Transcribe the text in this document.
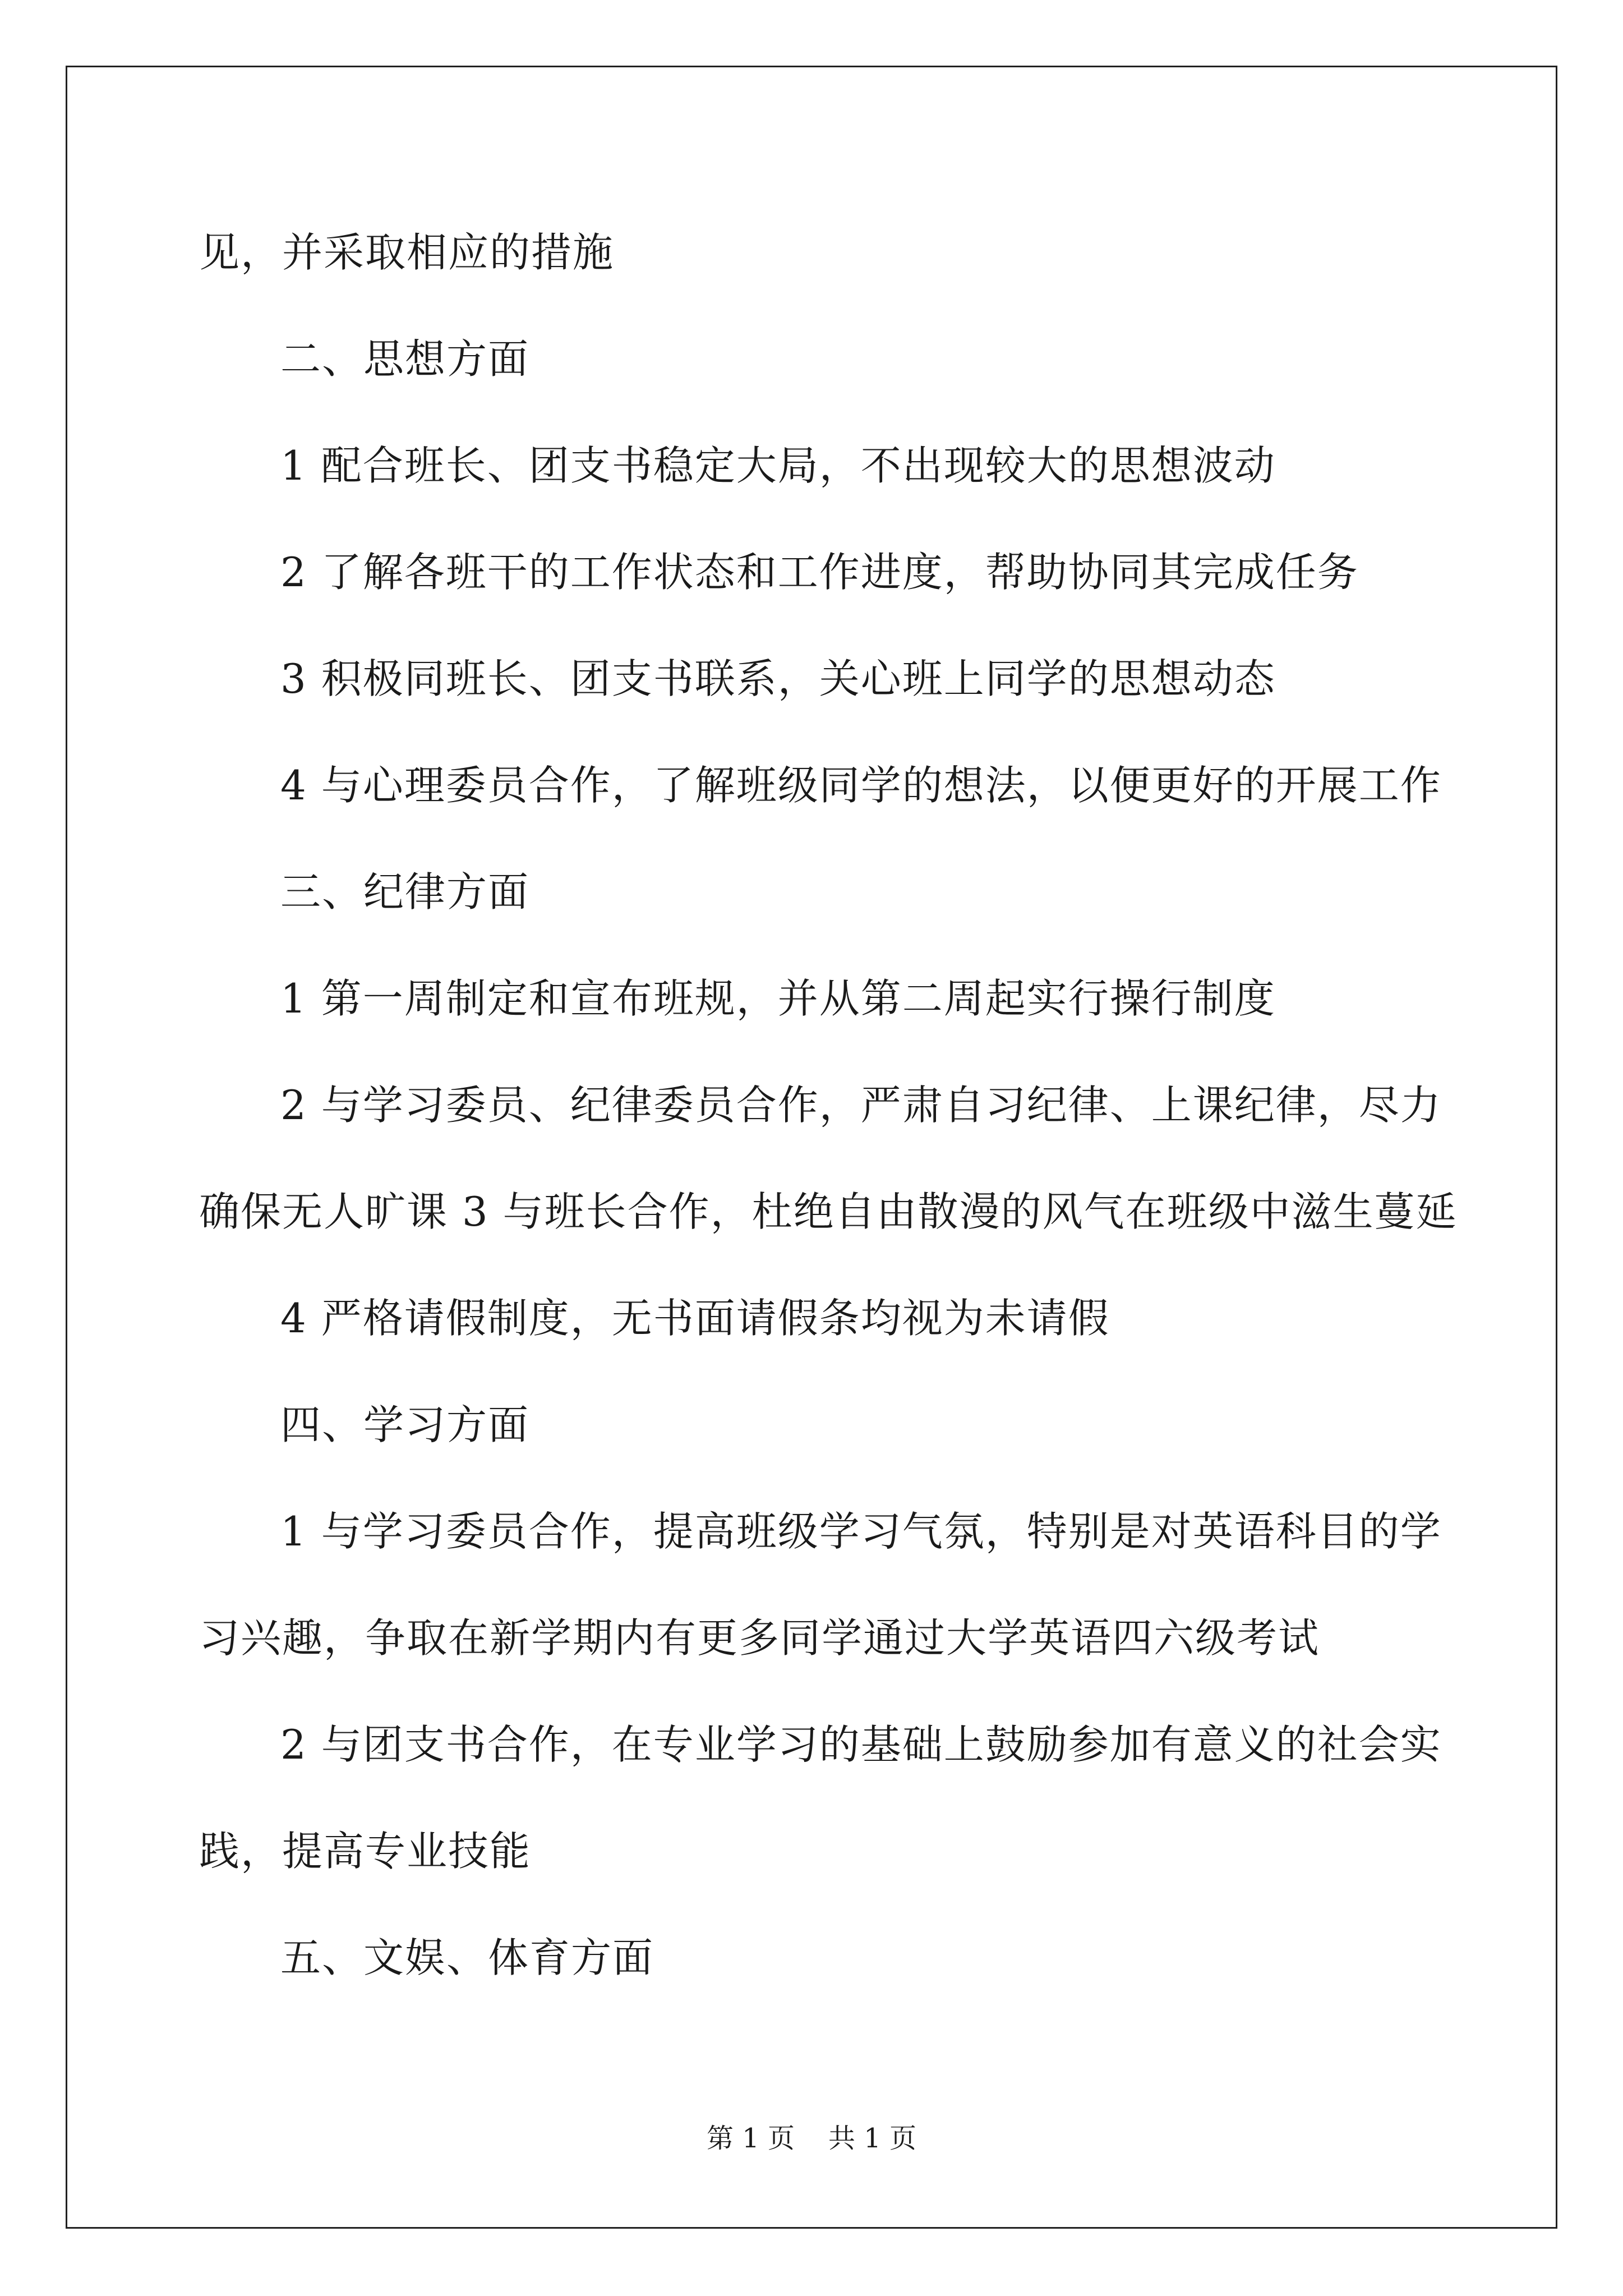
见，并采取相应的措施
二、思想方面
1 配合班长、团支书稳定大局，不出现较大的思想波动
2 了解各班干的工作状态和工作进度，帮助协同其完成任务
3 积极同班长、团支书联系，关心班上同学的思想动态
4 与心理委员合作，了解班级同学的想法，以便更好的开展工作
三、纪律方面
1 第一周制定和宣布班规，并从第二周起实行操行制度
2 与学习委员、纪律委员合作，严肃自习纪律、上课纪律，尽力
确保无人旷课 3 与班长合作，杜绝自由散漫的风气在班级中滋生蔓延
4 严格请假制度，无书面请假条均视为未请假
四、学习方面
1 与学习委员合作，提高班级学习气氛，特别是对英语科目的学
习兴趣，争取在新学期内有更多同学通过大学英语四六级考试
2 与团支书合作，在专业学习的基础上鼓励参加有意义的社会实
践，提高专业技能
五、文娱、体育方面
第 1 页 共 1 页
